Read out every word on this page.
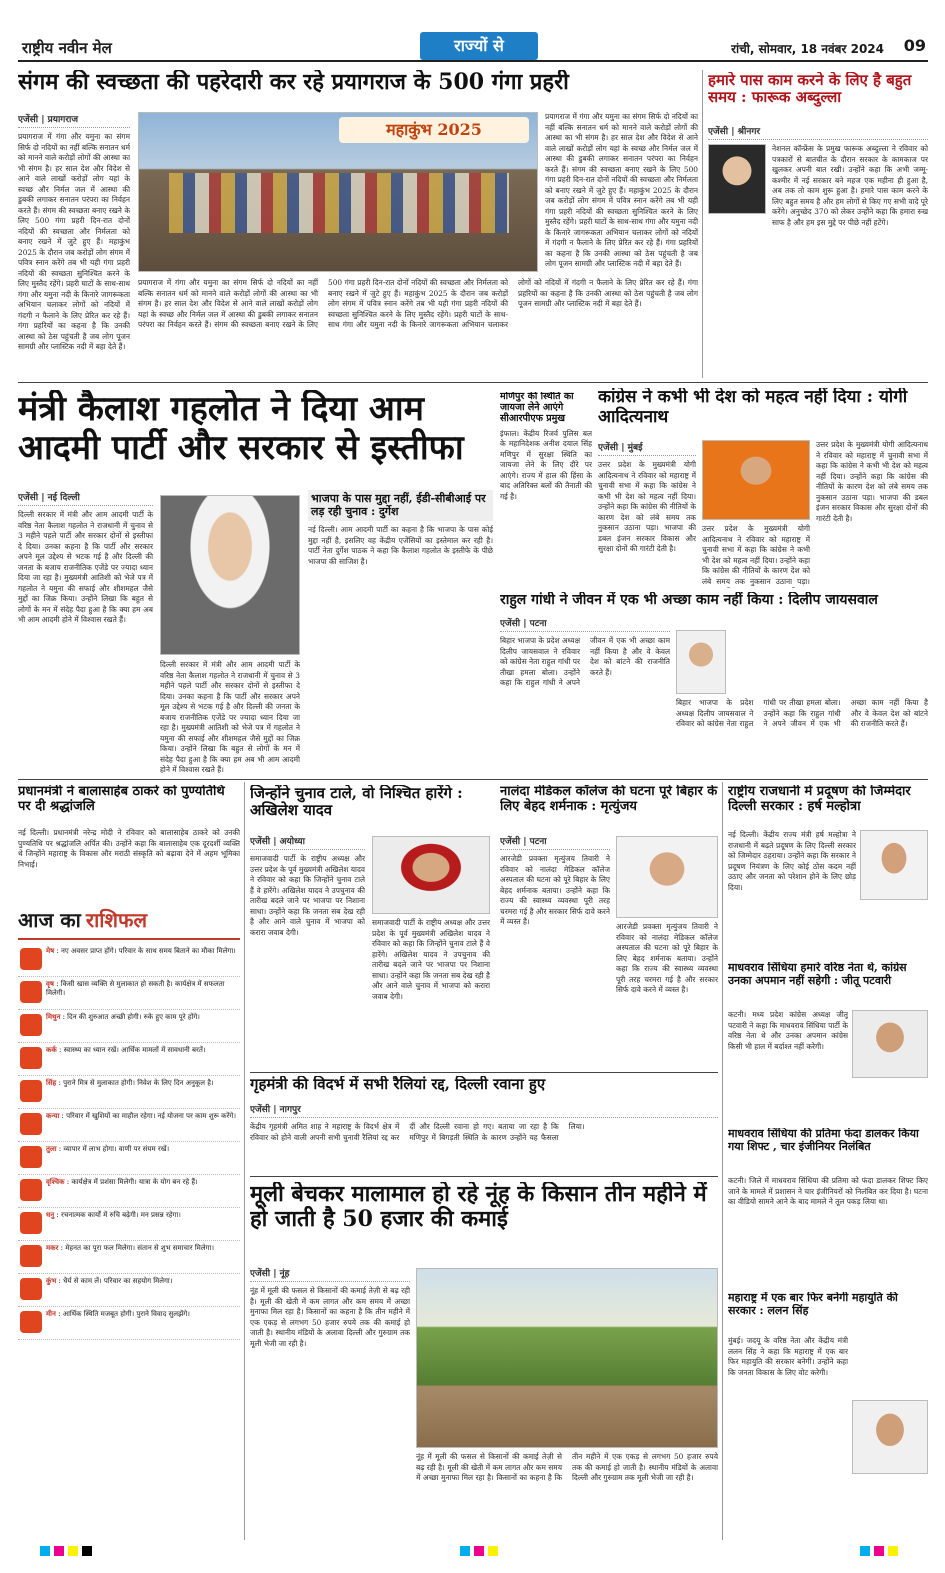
राष्ट्रीय नवीन मेल	राज्यों से	रांची, सोमवार, 18 नवंबर 2024 09
संगम की स्वच्छता की पहरेदारी कर रहे प्रयागराज के 500 गंगा प्रहरी
एजेंसी | प्रयागराज
प्रयागराज में गंगा और यमुना का संगम सिर्फ दो नदियों का नहीं बल्कि सनातन धर्म को मानने वाले करोड़ों लोगों की आस्था का भी संगम है। हर साल देश और विदेश से आने वाले लाखों करोड़ों लोग यहां के स्वच्छ और निर्मल जल में आस्था की डुबकी लगाकर सनातन परंपरा का निर्वहन करते हैं। संगम की स्वच्छता बनाए रखने के लिए 500 गंगा प्रहरी दिन-रात दोनों नदियों की स्वच्छता और निर्मलता को बनाए रखने में जुटे हुए हैं। महाकुंभ 2025 के दौरान जब करोड़ों लोग संगम में पवित्र स्नान करेंगे तब भी यही गंगा प्रहरी नदियों की स्वच्छता सुनिश्चित करने के लिए मुस्तैद रहेंगे। प्रहरी घाटों के साथ-साथ गंगा और यमुना नदी के किनारे जागरूकता अभियान चलाकर लोगों को नदियों में गंदगी न फैलाने के लिए प्रेरित कर रहे हैं। गंगा प्रहरियों का कहना है कि उनकी आस्था को ठेस पहुंचती है जब लोग पूजन सामग्री और प्लास्टिक नदी में बहा देते हैं।
महाकुंभ 2025
प्रयागराज में गंगा और यमुना का संगम सिर्फ दो नदियों का नहीं बल्कि सनातन धर्म को मानने वाले करोड़ों लोगों की आस्था का भी संगम है। हर साल देश और विदेश से आने वाले लाखों करोड़ों लोग यहां के स्वच्छ और निर्मल जल में आस्था की डुबकी लगाकर सनातन परंपरा का निर्वहन करते हैं। संगम की स्वच्छता बनाए रखने के लिए 500 गंगा प्रहरी दिन-रात दोनों नदियों की स्वच्छता और निर्मलता को बनाए रखने में जुटे हुए हैं। महाकुंभ 2025 के दौरान जब करोड़ों लोग संगम में पवित्र स्नान करेंगे तब भी यही गंगा प्रहरी नदियों की स्वच्छता सुनिश्चित करने के लिए मुस्तैद रहेंगे। प्रहरी घाटों के साथ-साथ गंगा और यमुना नदी के किनारे जागरूकता अभियान चलाकर लोगों को नदियों में गंदगी न फैलाने के लिए प्रेरित कर रहे हैं। गंगा प्रहरियों का कहना है कि उनकी आस्था को ठेस पहुंचती है जब लोग पूजन सामग्री और प्लास्टिक नदी में बहा देते हैं।
प्रयागराज में गंगा और यमुना का संगम सिर्फ दो नदियों का नहीं बल्कि सनातन धर्म को मानने वाले करोड़ों लोगों की आस्था का भी संगम है। हर साल देश और विदेश से आने वाले लाखों करोड़ों लोग यहां के स्वच्छ और निर्मल जल में आस्था की डुबकी लगाकर सनातन परंपरा का निर्वहन करते हैं। संगम की स्वच्छता बनाए रखने के लिए 500 गंगा प्रहरी दिन-रात दोनों नदियों की स्वच्छता और निर्मलता को बनाए रखने में जुटे हुए हैं। महाकुंभ 2025 के दौरान जब करोड़ों लोग संगम में पवित्र स्नान करेंगे तब भी यही गंगा प्रहरी नदियों की स्वच्छता सुनिश्चित करने के लिए मुस्तैद रहेंगे। प्रहरी घाटों के साथ-साथ गंगा और यमुना नदी के किनारे जागरूकता अभियान चलाकर लोगों को नदियों में गंदगी न फैलाने के लिए प्रेरित कर रहे हैं। गंगा प्रहरियों का कहना है कि उनकी आस्था को ठेस पहुंचती है जब लोग पूजन सामग्री और प्लास्टिक नदी में बहा देते हैं।
हमारे पास काम करने के लिए है बहुत समय : फारूक अब्दुल्ला
एजेंसी | श्रीनगर
नेशनल कॉन्फ्रेंस के प्रमुख फारूक अब्दुल्ला ने रविवार को पत्रकारों से बातचीत के दौरान सरकार के कामकाज पर खुलकर अपनी बात रखी। उन्होंने कहा कि अभी जम्मू-कश्मीर में नई सरकार बने महज एक महीना ही हुआ है, अब तक तो काम शुरू हुआ है। हमारे पास काम करने के लिए बहुत समय है और हम लोगों से किए गए सभी वादे पूरे करेंगे। अनुच्छेद 370 को लेकर उन्होंने कहा कि हमारा रुख साफ है और हम इस मुद्दे पर पीछे नहीं हटेंगे।
मंत्री कैलाश गहलोत ने दिया आम आदमी पार्टी और सरकार से इस्तीफा
एजेंसी | नई दिल्ली
दिल्ली सरकार में मंत्री और आम आदमी पार्टी के वरिष्ठ नेता कैलाश गहलोत ने राजधानी में चुनाव से 3 महीने पहले पार्टी और सरकार दोनों से इस्तीफा दे दिया। उनका कहना है कि पार्टी और सरकार अपने मूल उद्देश्य से भटक गई है और दिल्ली की जनता के बजाय राजनीतिक एजेंडे पर ज्यादा ध्यान दिया जा रहा है। मुख्यमंत्री आतिशी को भेजे पत्र में गहलोत ने यमुना की सफाई और शीशमहल जैसे मुद्दों का जिक्र किया। उन्होंने लिखा कि बहुत से लोगों के मन में संदेह पैदा हुआ है कि क्या हम अब भी आम आदमी होने में विश्वास रखते हैं।
दिल्ली सरकार में मंत्री और आम आदमी पार्टी के वरिष्ठ नेता कैलाश गहलोत ने राजधानी में चुनाव से 3 महीने पहले पार्टी और सरकार दोनों से इस्तीफा दे दिया। उनका कहना है कि पार्टी और सरकार अपने मूल उद्देश्य से भटक गई है और दिल्ली की जनता के बजाय राजनीतिक एजेंडे पर ज्यादा ध्यान दिया जा रहा है। मुख्यमंत्री आतिशी को भेजे पत्र में गहलोत ने यमुना की सफाई और शीशमहल जैसे मुद्दों का जिक्र किया। उन्होंने लिखा कि बहुत से लोगों के मन में संदेह पैदा हुआ है कि क्या हम अब भी आम आदमी होने में विश्वास रखते हैं।
भाजपा के पास मुद्दा नहीं, ईडी-सीबीआई पर लड़ रही चुनाव : दुर्गेश
नई दिल्ली। आम आदमी पार्टी का कहना है कि भाजपा के पास कोई मुद्दा नहीं है, इसलिए वह केंद्रीय एजेंसियों का इस्तेमाल कर रही है। पार्टी नेता दुर्गेश पाठक ने कहा कि कैलाश गहलोत के इस्तीफे के पीछे भाजपा की साजिश है।
मणिपुर की स्थिति का जायजा लेने आएंगे सीआरपीएफ प्रमुख
इंफाल। केंद्रीय रिजर्व पुलिस बल के महानिदेशक अनीश दयाल सिंह मणिपुर में सुरक्षा स्थिति का जायजा लेने के लिए दौरे पर आएंगे। राज्य में हाल की हिंसा के बाद अतिरिक्त बलों की तैनाती की गई है।
कांग्रेस ने कभी भी देश को महत्व नहीं दिया : योगी आदित्यनाथ
एजेंसी | मुंबई
उत्तर प्रदेश के मुख्यमंत्री योगी आदित्यनाथ ने रविवार को महाराष्ट्र में चुनावी सभा में कहा कि कांग्रेस ने कभी भी देश को महत्व नहीं दिया। उन्होंने कहा कि कांग्रेस की नीतियों के कारण देश को लंबे समय तक नुकसान उठाना पड़ा। भाजपा की डबल इंजन सरकार विकास और सुरक्षा दोनों की गारंटी देती है।
उत्तर प्रदेश के मुख्यमंत्री योगी आदित्यनाथ ने रविवार को महाराष्ट्र में चुनावी सभा में कहा कि कांग्रेस ने कभी भी देश को महत्व नहीं दिया। उन्होंने कहा कि कांग्रेस की नीतियों के कारण देश को लंबे समय तक नुकसान उठाना पड़ा।
उत्तर प्रदेश के मुख्यमंत्री योगी आदित्यनाथ ने रविवार को महाराष्ट्र में चुनावी सभा में कहा कि कांग्रेस ने कभी भी देश को महत्व नहीं दिया। उन्होंने कहा कि कांग्रेस की नीतियों के कारण देश को लंबे समय तक नुकसान उठाना पड़ा। भाजपा की डबल इंजन सरकार विकास और सुरक्षा दोनों की गारंटी देती है।
राहुल गांधी ने जीवन में एक भी अच्छा काम नहीं किया : दिलीप जायसवाल
एजेंसी | पटना
बिहार भाजपा के प्रदेश अध्यक्ष दिलीप जायसवाल ने रविवार को कांग्रेस नेता राहुल गांधी पर तीखा हमला बोला। उन्होंने कहा कि राहुल गांधी ने अपने जीवन में एक भी अच्छा काम नहीं किया है और वे केवल देश को बांटने की राजनीति करते हैं।
बिहार भाजपा के प्रदेश अध्यक्ष दिलीप जायसवाल ने रविवार को कांग्रेस नेता राहुल गांधी पर तीखा हमला बोला। उन्होंने कहा कि राहुल गांधी ने अपने जीवन में एक भी अच्छा काम नहीं किया है और वे केवल देश को बांटने की राजनीति करते हैं।
प्रधानमंत्री ने बालासाहेब ठाकरे को पुण्यतिथि पर दी श्रद्धांजलि
नई दिल्ली। प्रधानमंत्री नरेन्द्र मोदी ने रविवार को बालासाहेब ठाकरे को उनकी पुण्यतिथि पर श्रद्धांजलि अर्पित की। उन्होंने कहा कि बालासाहेब एक दूरदर्शी व्यक्ति थे जिन्होंने महाराष्ट्र के विकास और मराठी संस्कृति को बढ़ावा देने में अहम भूमिका निभाई।
आज का राशिफल
मेष : नए अवसर प्राप्त होंगे। परिवार के साथ समय बिताने का मौका मिलेगा।
वृष : किसी खास व्यक्ति से मुलाकात हो सकती है। कार्यक्षेत्र में सफलता मिलेगी।
मिथुन : दिन की शुरुआत अच्छी होगी। रुके हुए काम पूरे होंगे।
कर्क : स्वास्थ्य का ध्यान रखें। आर्थिक मामलों में सावधानी बरतें।
सिंह : पुराने मित्र से मुलाकात होगी। निवेश के लिए दिन अनुकूल है।
कन्या : परिवार में खुशियों का माहौल रहेगा। नई योजना पर काम शुरू करेंगे।
तुला : व्यापार में लाभ होगा। वाणी पर संयम रखें।
वृश्चिक : कार्यक्षेत्र में प्रशंसा मिलेगी। यात्रा के योग बन रहे हैं।
धनु : रचनात्मक कार्यों में रुचि बढ़ेगी। मन प्रसन्न रहेगा।
मकर : मेहनत का पूरा फल मिलेगा। संतान से शुभ समाचार मिलेगा।
कुंभ : धैर्य से काम लें। परिवार का सहयोग मिलेगा।
मीन : आर्थिक स्थिति मजबूत होगी। पुराने विवाद सुलझेंगे।
जिन्होंने चुनाव टाले, वो निश्चित हारेंगे : अखिलेश यादव
एजेंसी | अयोध्या
समाजवादी पार्टी के राष्ट्रीय अध्यक्ष और उत्तर प्रदेश के पूर्व मुख्यमंत्री अखिलेश यादव ने रविवार को कहा कि जिन्होंने चुनाव टाले हैं वे हारेंगे। अखिलेश यादव ने उपचुनाव की तारीख बदले जाने पर भाजपा पर निशाना साधा। उन्होंने कहा कि जनता सब देख रही है और आने वाले चुनाव में भाजपा को करारा जवाब देगी।
समाजवादी पार्टी के राष्ट्रीय अध्यक्ष और उत्तर प्रदेश के पूर्व मुख्यमंत्री अखिलेश यादव ने रविवार को कहा कि जिन्होंने चुनाव टाले हैं वे हारेंगे। अखिलेश यादव ने उपचुनाव की तारीख बदले जाने पर भाजपा पर निशाना साधा। उन्होंने कहा कि जनता सब देख रही है और आने वाले चुनाव में भाजपा को करारा जवाब देगी।
नालंदा मेडिकल कॉलेज की घटना पूरे बिहार के लिए बेहद शर्मनाक : मृत्युंजय
एजेंसी | पटना
आरजेडी प्रवक्ता मृत्युंजय तिवारी ने रविवार को नालंदा मेडिकल कॉलेज अस्पताल की घटना को पूरे बिहार के लिए बेहद शर्मनाक बताया। उन्होंने कहा कि राज्य की स्वास्थ्य व्यवस्था पूरी तरह चरमरा गई है और सरकार सिर्फ दावे करने में व्यस्त है।
आरजेडी प्रवक्ता मृत्युंजय तिवारी ने रविवार को नालंदा मेडिकल कॉलेज अस्पताल की घटना को पूरे बिहार के लिए बेहद शर्मनाक बताया। उन्होंने कहा कि राज्य की स्वास्थ्य व्यवस्था पूरी तरह चरमरा गई है और सरकार सिर्फ दावे करने में व्यस्त है।
राष्ट्रीय राजधानी में प्रदूषण की जिम्मेदार दिल्ली सरकार : हर्ष मल्होत्रा
नई दिल्ली। केंद्रीय राज्य मंत्री हर्ष मल्होत्रा ने राजधानी में बढ़ते प्रदूषण के लिए दिल्ली सरकार को जिम्मेदार ठहराया। उन्होंने कहा कि सरकार ने प्रदूषण नियंत्रण के लिए कोई ठोस कदम नहीं उठाए और जनता को परेशान होने के लिए छोड़ दिया।
माधवराव सिंधिया हमारे वरिष्ठ नेता थे, कांग्रेस उनका अपमान नहीं सहेगी : जीतू पटवारी
कटनी। मध्य प्रदेश कांग्रेस अध्यक्ष जीतू पटवारी ने कहा कि माधवराव सिंधिया पार्टी के वरिष्ठ नेता थे और उनका अपमान कांग्रेस किसी भी हाल में बर्दाश्त नहीं करेगी।
माधवराव सिंधिया की प्रतिमा फंदा डालकर किया गया शिफ्ट , चार इंजीनियर निलंबित
कटनी। जिले में माधवराव सिंधिया की प्रतिमा को फंदा डालकर शिफ्ट किए जाने के मामले में प्रशासन ने चार इंजीनियरों को निलंबित कर दिया है। घटना का वीडियो सामने आने के बाद मामले ने तूल पकड़ लिया था।
महाराष्ट्र में एक बार फिर बनेगी महायुति की सरकार : ललन सिंह
मुंबई। जदयू के वरिष्ठ नेता और केंद्रीय मंत्री ललन सिंह ने कहा कि महाराष्ट्र में एक बार फिर महायुति की सरकार बनेगी। उन्होंने कहा कि जनता विकास के लिए वोट करेगी।
गृहमंत्री की विदर्भ में सभी रैलियां रद्द, दिल्ली रवाना हुए
एजेंसी | नागपुर
केंद्रीय गृहमंत्री अमित शाह ने महाराष्ट्र के विदर्भ क्षेत्र में रविवार को होने वाली अपनी सभी चुनावी रैलियां रद्द कर दीं और दिल्ली रवाना हो गए। बताया जा रहा है कि मणिपुर में बिगड़ती स्थिति के कारण उन्होंने यह फैसला लिया।
मूली बेचकर मालामाल हो रहे नूंह के किसान तीन महीने में हो जाती है 50 हजार की कमाई
एजेंसी | नूंह
नूंह में मूली की फसल से किसानों की कमाई तेज़ी से बढ़ रही है। मूली की खेती में कम लागत और कम समय में अच्छा मुनाफा मिल रहा है। किसानों का कहना है कि तीन महीने में एक एकड़ से लगभग 50 हजार रुपये तक की कमाई हो जाती है। स्थानीय मंडियों के अलावा दिल्ली और गुरुग्राम तक मूली भेजी जा रही है।
नूंह में मूली की फसल से किसानों की कमाई तेज़ी से बढ़ रही है। मूली की खेती में कम लागत और कम समय में अच्छा मुनाफा मिल रहा है। किसानों का कहना है कि तीन महीने में एक एकड़ से लगभग 50 हजार रुपये तक की कमाई हो जाती है। स्थानीय मंडियों के अलावा दिल्ली और गुरुग्राम तक मूली भेजी जा रही है।
